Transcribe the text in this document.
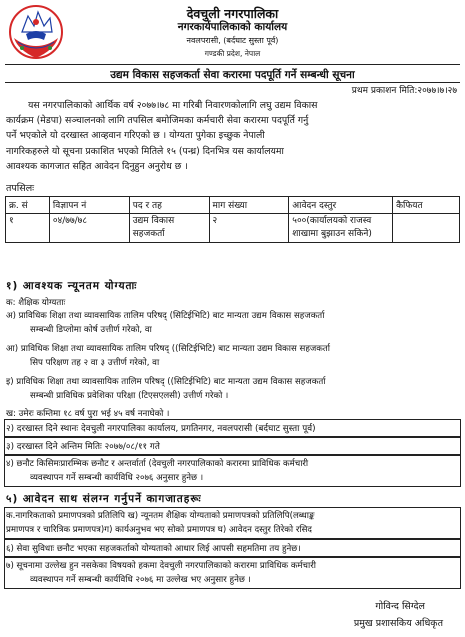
देवचुली नगरपालिका
नगरकार्यपालिकाको कार्यालय
नवलपरासी, (बर्दघाट सुस्ता पूर्व)
गण्डकी प्रदेश, नेपाल
उद्यम विकास सहजकर्ता सेवा करारमा पदपूर्ति गर्ने सम्बन्धी सूचना
प्रथम प्रकाशन मिति:२०७७।७।२७
यस नगरपालिकाको आर्थिक वर्ष २०७७।७८ मा गरिबी निवारणकोलागि लघु उद्यम विकास
कार्यक्रम (मेडपा) सञ्चालनको लागि तपसिल बमोजिमका कर्मचारी सेवा करारमा पदपूर्ति गर्नु
पर्ने भएकोले यो दरखास्त आव्हवान गरिएको छ । योग्यता पुगेका इच्छुक नेपाली
नागरिकहरुले यो सूचना प्रकाशित भएको मितिले १५ (पन्ध्र) दिनभित्र यस कार्यालयमा
आवश्यक कागजात सहित आवेदन दिनुहुन अनुरोध छ ।
तपसिलः
क्र. सं	विज्ञापन नं	पद र तह	माग संख्या	आवेदन दस्तुर	कैफियत
१	०४/७७/७८	उद्यम विकास सहजकर्ता	२	५००(कार्यालयको राजस्व शाखामा बुझाउन सकिने)	
१) आवश्यक न्यूनतम योग्यताः
क: शैक्षिक योग्यताः
अ) प्राविधिक शिक्षा तथा व्यावसायिक तालिम परिषद् (सिटिईभिटि) बाट मान्यता उद्यम विकास सहजकर्ता
सम्बन्धी डिप्लोमा कोर्ष उत्तीर्ण गरेको, वा
आ) प्राविधिक शिक्षा तथा व्यावसायिक तालिम परिषद् ((सिटिईभिटि) बाट मान्यता उद्यम विकास सहजकर्ता
सिप परिक्षण तह २ वा ३ उत्तीर्ण गरेको, वा
इ) प्राविधिक शिक्षा तथा व्यावसायिक तालिम परिषद् ((सिटिईभिटि) बाट मान्यता उद्यम विकास सहजकर्ता
सम्बन्धी प्राविधिक प्रवेशिका परिक्षा (टिएसएलसी) उत्तीर्ण गरेको ।
ख: उमेरः कम्तिमा १८ वर्ष पुरा भई ४५ वर्ष ननाघेको ।
२) दरखास्त दिने स्थानः देवचुली नगरपालिका कार्यालय, प्रगतिनगर, नवलपरासी (बर्दघाट सुस्ता पूर्व)
३) दरखास्त दिने अन्तिम मितिः २०७७/०८/११ गते
४) छनौट किसिमःप्रारम्भिक छनौट र अन्तर्वार्ता (देवचुली नगरपालिकाको करारमा प्राविधिक कर्मचारी
व्यवस्थापन गर्ने सम्बन्धी कार्यविधि २०७६ अनुसार हुनेछ ।
५) आवेदन साथ संलग्न गर्नुपर्ने कागजातहरूः
क.नागरिकताको प्रमाणपत्रको प्रतिलिपि ख) न्यूनतम शैक्षिक योग्यताको प्रमाणपत्रको प्रतिलिपि(लब्धाङ्क
प्रमाणपत्र र चारित्रिक प्रमाणपत्र)ग) कार्यअनुभव भए सोको प्रमाणपत्र घ) आवेदन दस्तुर तिरेको रसिद
६) सेवा सुविधाः छनौट भएका सहजकर्ताको योग्यताको आधार लिई आपसी सहमतिमा तय हुनेछ।
७) सूचनामा उल्लेख हुन नसकेका विषयको हकमा देवचुली नगरपालिकाको करारमा प्राविधिक कर्मचारी
व्यवस्थापन गर्ने सम्बन्धी कार्यविधि २०७६ मा उल्लेख भए अनुसार हुनेछ ।
गोविन्द सिग्देल
प्रमुख प्रशासकिय अधिकृत
